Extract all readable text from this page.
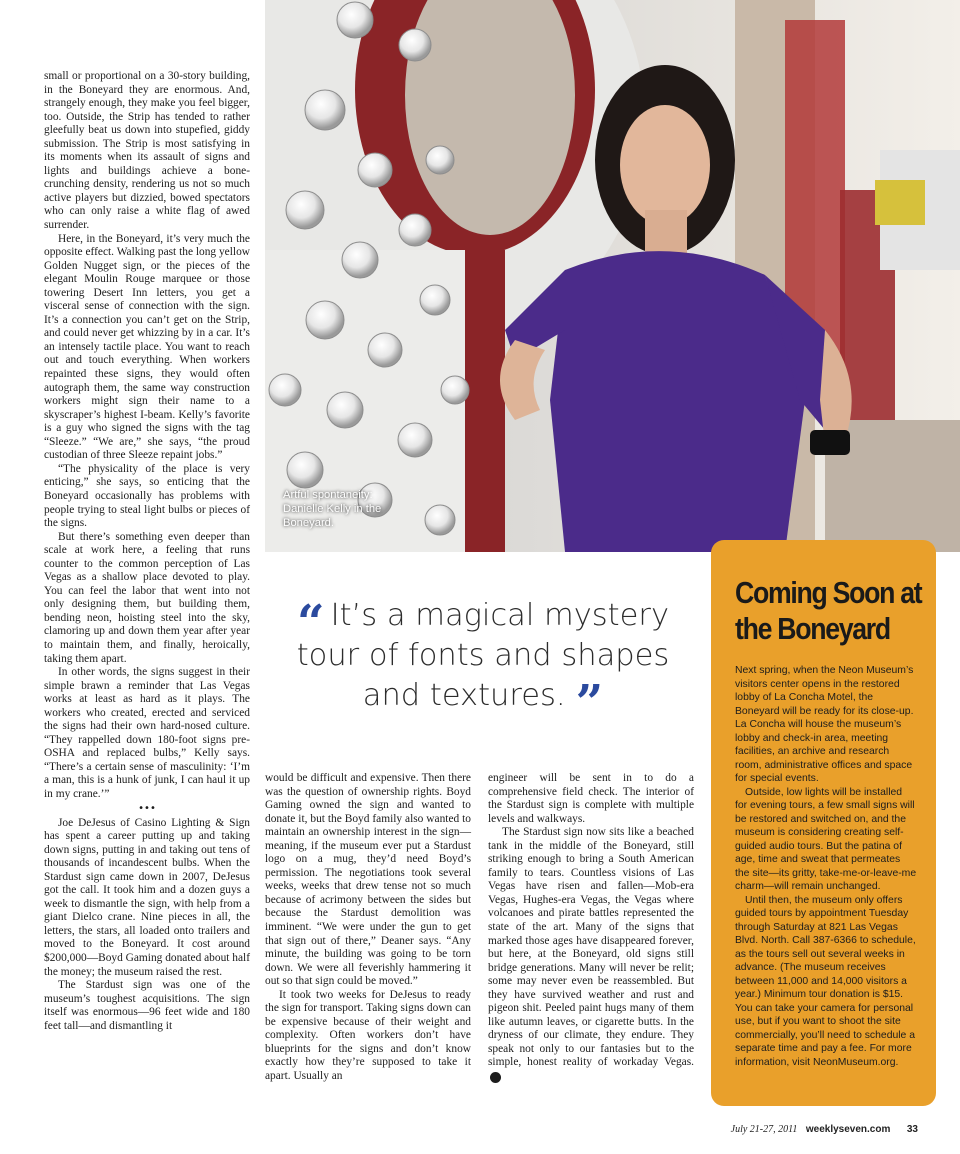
Artful spontaneity: Danielle Kelly in the Boneyard.

small or proportional on a 30-story building, in the Boneyard they are enormous. And, strangely enough, they make you feel bigger, too. Outside, the Strip has tended to rather gleefully beat us down into stupefied, giddy submission. The Strip is most satisfying in its moments when its assault of signs and lights and buildings achieve a bone-crunching density, rendering us not so much active players but dizzied, bowed spectators who can only raise a white flag of awed surrender.

Here, in the Boneyard, it’s very much the opposite effect. Walking past the long yellow Golden Nugget sign, or the pieces of the elegant Moulin Rouge marquee or those towering Desert Inn letters, you get a visceral sense of connection with the sign. It’s a connection you can’t get on the Strip, and could never get whizzing by in a car. It’s an intensely tactile place. You want to reach out and touch everything. When workers repainted these signs, they would often autograph them, the same way construction workers might sign their name to a skyscraper’s highest I-beam. Kelly’s favorite is a guy who signed the signs with the tag “Sleeze.” “We are,” she says, “the proud custodian of three Sleeze repaint jobs.”

“The physicality of the place is very enticing,” she says, so enticing that the Boneyard occasionally has problems with people trying to steal light bulbs or pieces of the signs.

But there’s something even deeper than scale at work here, a feeling that runs counter to the common perception of Las Vegas as a shallow place devoted to play. You can feel the labor that went into not only designing them, but building them, bending neon, hoisting steel into the sky, clamoring up and down them year after year to maintain them, and finally, heroically, taking them apart.

In other words, the signs suggest in their simple brawn a reminder that Las Vegas works at least as hard as it plays. The workers who created, erected and serviced the signs had their own hard-nosed culture. “They rappelled down 180-foot signs pre-OSHA and replaced bulbs,” Kelly says. “There’s a certain sense of masculinity: ‘I’m a man, this is a hunk of junk, I can haul it up in my crane.’”

•••

Joe DeJesus of Casino Lighting & Sign has spent a career putting up and taking down signs, putting in and taking out tens of thousands of incandescent bulbs. When the Stardust sign came down in 2007, DeJesus got the call. It took him and a dozen guys a week to dismantle the sign, with help from a giant Dielco crane. Nine pieces in all, the letters, the stars, all loaded onto trailers and moved to the Boneyard. It cost around $200,000—Boyd Gaming donated about half the money; the museum raised the rest.

The Stardust sign was one of the museum’s toughest acquisitions. The sign itself was enormous—96 feet wide and 180 feet tall—and dismantling it

“ It’s a magical mystery tour of fonts and shapes and textures. ”

would be difficult and expensive. Then there was the question of ownership rights. Boyd Gaming owned the sign and wanted to donate it, but the Boyd family also wanted to maintain an ownership interest in the sign—meaning, if the museum ever put a Stardust logo on a mug, they’d need Boyd’s permission. The negotiations took several weeks, weeks that drew tense not so much because of acrimony between the sides but because the Stardust demolition was imminent. “We were under the gun to get that sign out of there,” Deaner says. “Any minute, the building was going to be torn down. We were all feverishly hammering it out so that sign could be moved.”

It took two weeks for DeJesus to ready the sign for transport. Taking signs down can be expensive because of their weight and complexity. Often workers don’t have blueprints for the signs and don’t know exactly how they’re supposed to take it apart. Usually an

engineer will be sent in to do a comprehensive field check. The interior of the Stardust sign is complete with multiple levels and walkways.

The Stardust sign now sits like a beached tank in the middle of the Boneyard, still striking enough to bring a South American family to tears. Countless visions of Las Vegas have risen and fallen—Mob-era Vegas, Hughes-era Vegas, the Vegas where volcanoes and pirate battles represented the state of the art. Many of the signs that marked those ages have disappeared forever, but here, at the Boneyard, old signs still bridge generations. Many will never be relit; some may never even be reassembled. But they have survived weather and rust and pigeon shit. Peeled paint hugs many of them like autumn leaves, or cigarette butts. In the dryness of our climate, they endure. They speak not only to our fantasies but to the simple, honest reality of workaday Vegas. 7

Coming Soon at the Boneyard

Next spring, when the Neon Museum’s visitors center opens in the restored lobby of La Concha Motel, the Boneyard will be ready for its close-up. La Concha will house the museum’s lobby and check-in area, meeting facilities, an archive and research room, administrative offices and space for special events.

Outside, low lights will be installed for evening tours, a few small signs will be restored and switched on, and the museum is considering creating self-guided audio tours. But the patina of age, time and sweat that permeates the site—its gritty, take-me-or-leave-me charm—will remain unchanged.

Until then, the museum only offers guided tours by appointment Tuesday through Saturday at 821 Las Vegas Blvd. North. Call 387-6366 to schedule, as the tours sell out several weeks in advance. (The museum receives between 11,000 and 14,000 visitors a year.) Minimum tour donation is $15. You can take your camera for personal use, but if you want to shoot the site commercially, you’ll need to schedule a separate time and pay a fee. For more information, visit NeonMuseum.org.

July 21-27, 2011 weeklyseven.com 33
